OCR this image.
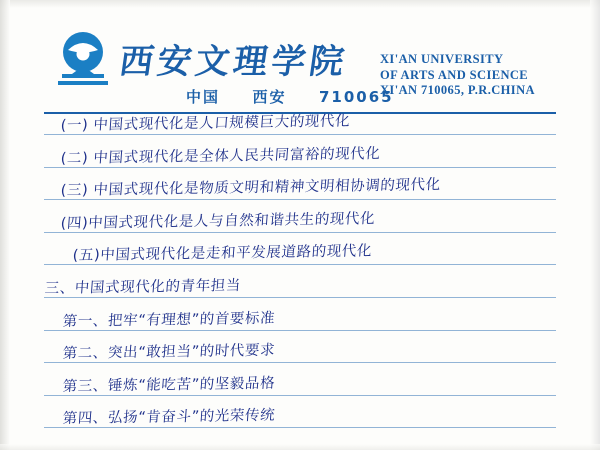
西安文理学院
中国 西安 710065
XI'AN UNIVERSITY
OF ARTS AND SCIENCE
XI'AN 710065, P.R.CHINA
(一) 中国式现代化是人口规模巨大的现代化
(二) 中国式现代化是全体人民共同富裕的现代化
(三) 中国式现代化是物质文明和精神文明相协调的现代化
(四)中国式现代化是人与自然和谐共生的现代化
(五)中国式现代化是走和平发展道路的现代化
三、中国式现代化的青年担当
第一、把牢“有理想”的首要标准
第二、突出“敢担当”的时代要求
第三、锤炼“能吃苦”的坚毅品格
第四、弘扬“肯奋斗”的光荣传统
